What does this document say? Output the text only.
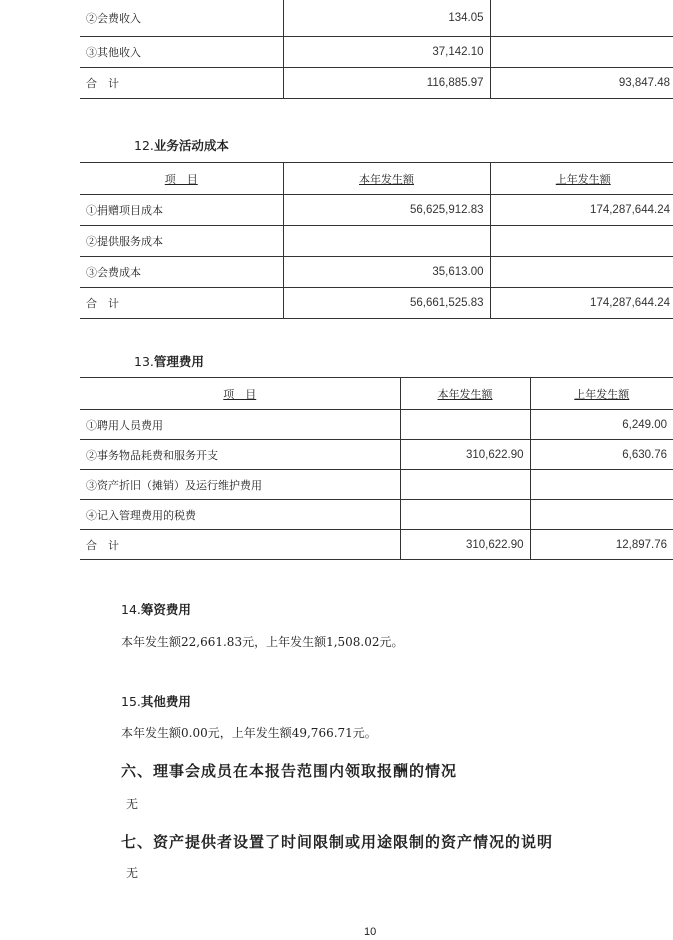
②会费收入	134.05	
③其他收入	37,142.10	
合　计	116,885.97	93,847.48
12.业务活动成本
项　目	本年发生额	上年发生额
①捐赠项目成本	56,625,912.83	174,287,644.24
②提供服务成本		
③会费成本	35,613.00	
合　计	56,661,525.83	174,287,644.24
13.管理费用
项　目	本年发生额	上年发生额
①聘用人员费用		6,249.00
②事务物品耗费和服务开支	310,622.90	6,630.76
③资产折旧（摊销）及运行维护费用		
④记入管理费用的税费		
合　计	310,622.90	12,897.76
14.筹资费用
本年发生额22,661.83元，上年发生额1,508.02元。
15.其他费用
本年发生额0.00元，上年发生额49,766.71元。
六、理事会成员在本报告范围内领取报酬的情况
无
七、资产提供者设置了时间限制或用途限制的资产情况的说明
无
10
